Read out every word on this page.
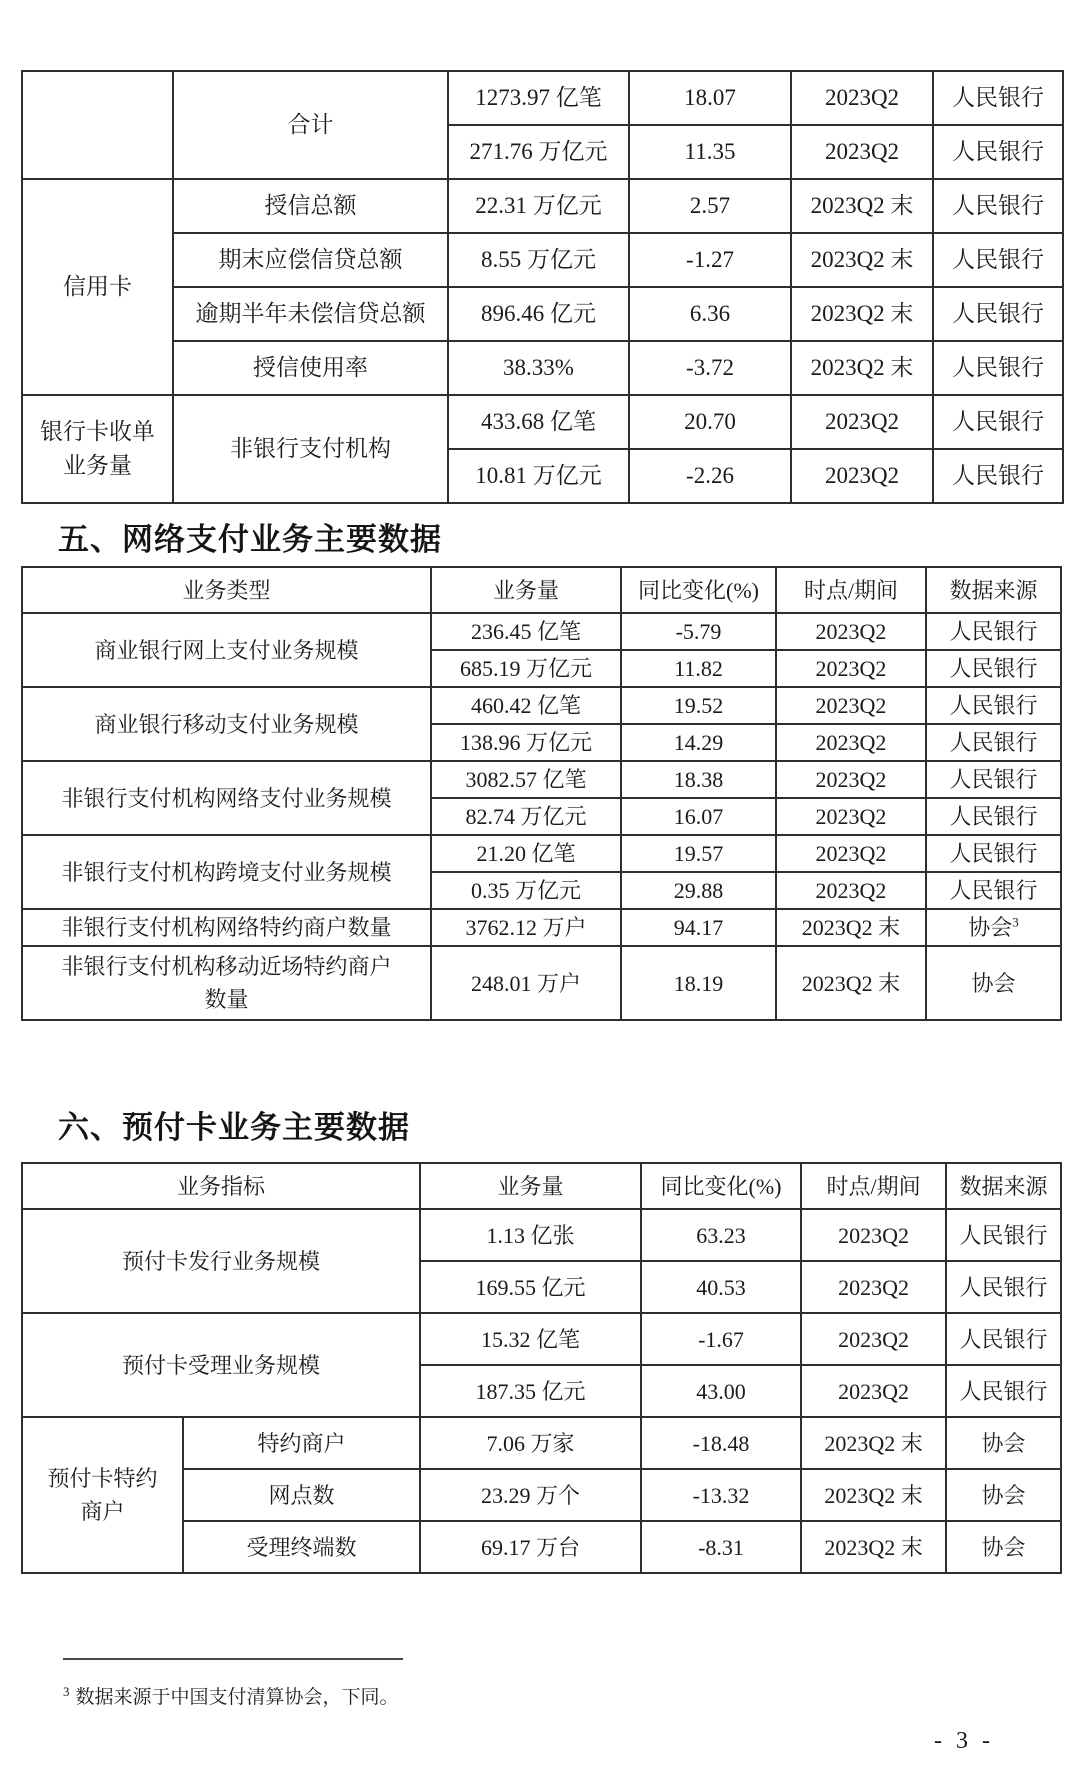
	合计	1273.97 亿笔	18.07	2023Q2	人民银行
		271.76 万亿元	11.35	2023Q2	人民银行
信用卡	授信总额	22.31 万亿元	2.57	2023Q2 末	人民银行
	期末应偿信贷总额	8.55 万亿元	-1.27	2023Q2 末	人民银行
	逾期半年未偿信贷总额	896.46 亿元	6.36	2023Q2 末	人民银行
	授信使用率	38.33%	-3.72	2023Q2 末	人民银行
银行卡收单业务量	非银行支付机构	433.68 亿笔	20.70	2023Q2	人民银行
		10.81 万亿元	-2.26	2023Q2	人民银行
五、网络支付业务主要数据
业务类型	业务量	同比变化(%)	时点/期间	数据来源
商业银行网上支付业务规模	236.45 亿笔	-5.79	2023Q2	人民银行
	685.19 万亿元	11.82	2023Q2	人民银行
商业银行移动支付业务规模	460.42 亿笔	19.52	2023Q2	人民银行
	138.96 万亿元	14.29	2023Q2	人民银行
非银行支付机构网络支付业务规模	3082.57 亿笔	18.38	2023Q2	人民银行
	82.74 万亿元	16.07	2023Q2	人民银行
非银行支付机构跨境支付业务规模	21.20 亿笔	19.57	2023Q2	人民银行
	0.35 万亿元	29.88	2023Q2	人民银行
非银行支付机构网络特约商户数量	3762.12 万户	94.17	2023Q2 末	协会$^3$
非银行支付机构移动近场特约商户数量	248.01 万户	18.19	2023Q2 末	协会
六、预付卡业务主要数据
业务指标		业务量	同比变化(%)	时点/期间	数据来源
预付卡发行业务规模		1.13 亿张	63.23	2023Q2	人民银行
		169.55 亿元	40.53	2023Q2	人民银行
预付卡受理业务规模		15.32 亿笔	-1.67	2023Q2	人民银行
		187.35 亿元	43.00	2023Q2	人民银行
预付卡特约商户	特约商户	7.06 万家	-18.48	2023Q2 末	协会
	网点数	23.29 万个	-13.32	2023Q2 末	协会
	受理终端数	69.17 万台	-8.31	2023Q2 末	协会
$^3$ 数据来源于中国支付清算协会，下同。
- 3 -
